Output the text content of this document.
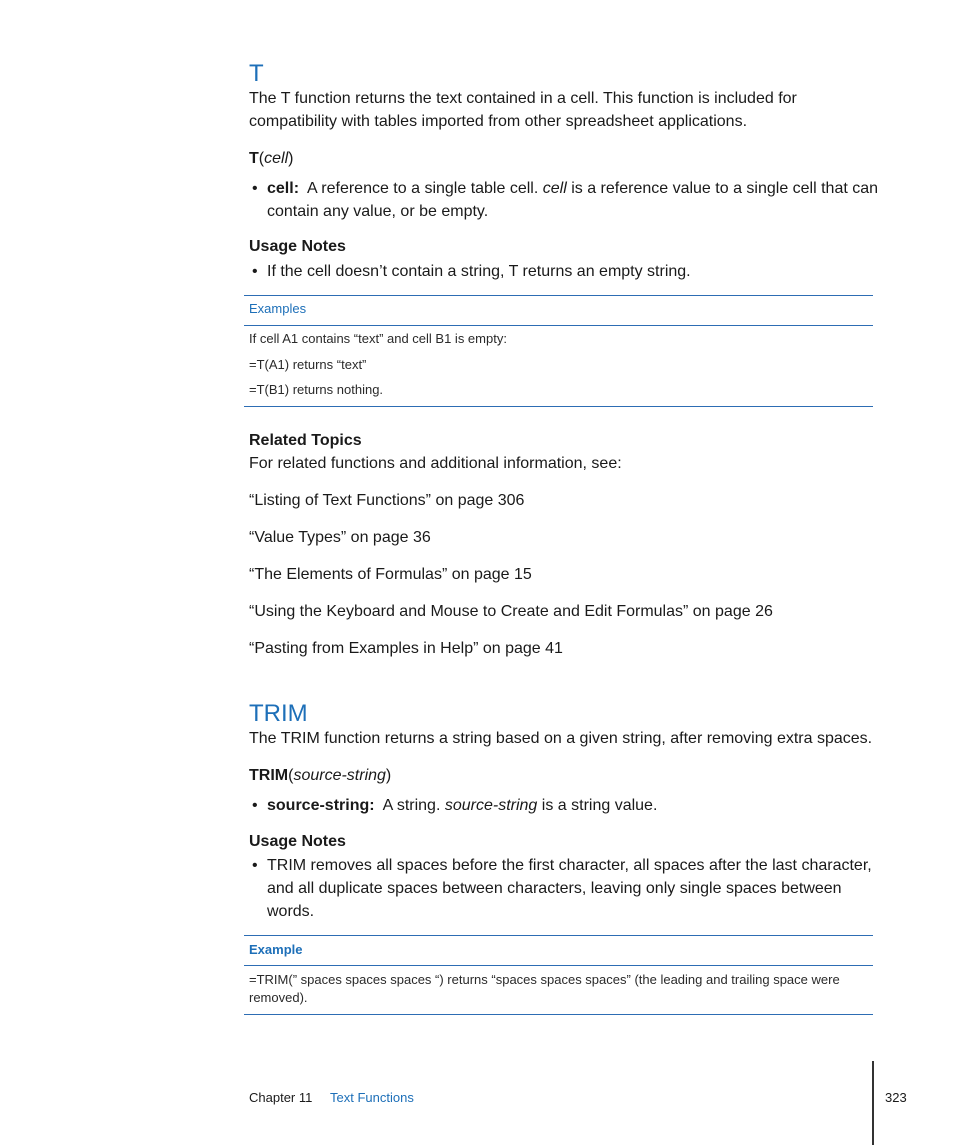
T

The T function returns the text contained in a cell. This function is included for compatibility with tables imported from other spreadsheet applications.

T(cell)
• cell: A reference to a single table cell. cell is a reference value to a single cell that can contain any value, or be empty.
Usage Notes
• If the cell doesn’t contain a string, T returns an empty string.
Examples
If cell A1 contains “text” and cell B1 is empty:
=T(A1) returns “text”
=T(B1) returns nothing.
Related Topics
For related functions and additional information, see:
“Listing of Text Functions” on page 306
“Value Types” on page 36
“The Elements of Formulas” on page 15
“Using the Keyboard and Mouse to Create and Edit Formulas” on page 26
“Pasting from Examples in Help” on page 41
TRIM

The TRIM function returns a string based on a given string, after removing extra spaces.

TRIM(source-string)
• source-string: A string. source-string is a string value.
Usage Notes
• TRIM removes all spaces before the first character, all spaces after the last character, and all duplicate spaces between characters, leaving only single spaces between words.
Example
=TRIM(” spaces spaces spaces “) returns “spaces spaces spaces” (the leading and trailing space were removed).
Chapter 11 Text Functions	323
